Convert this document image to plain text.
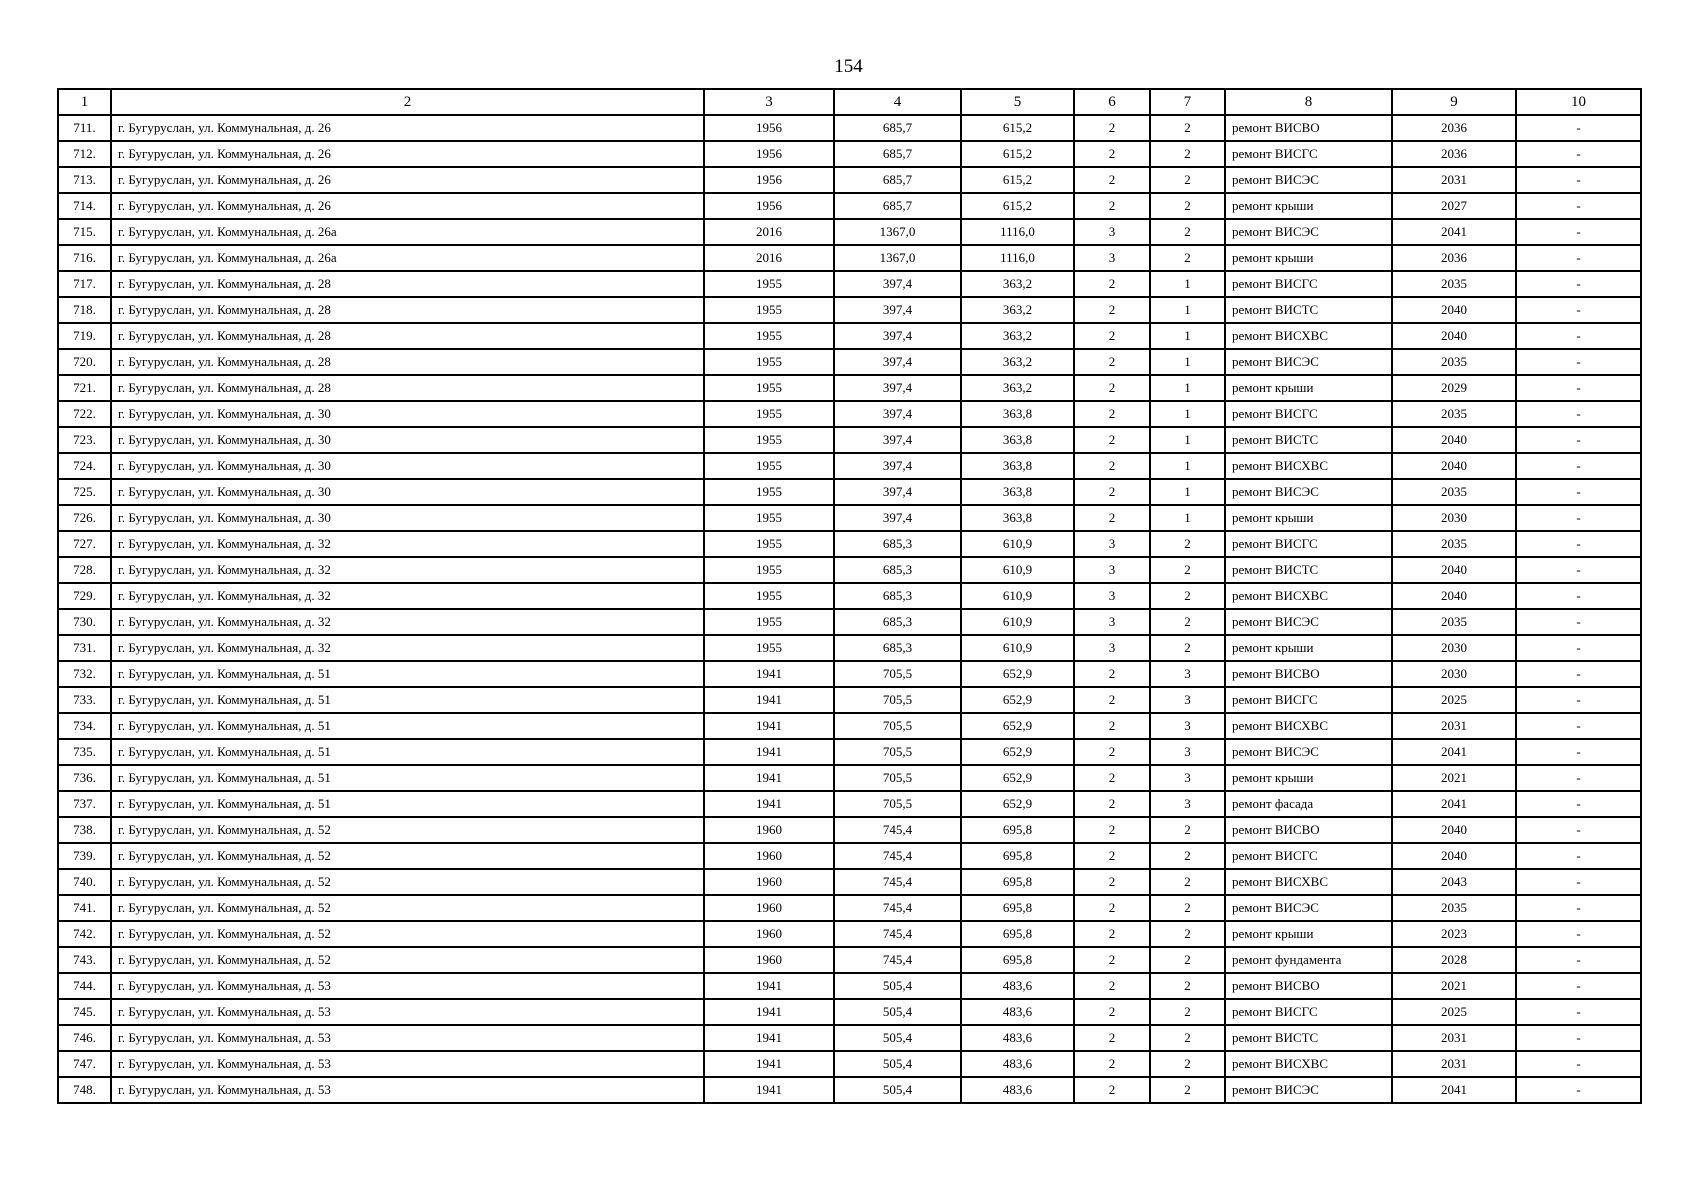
154
1	2	3	4	5	6	7	8	9	10
711.	г. Бугуруслан, ул. Коммунальная, д. 26	1956	685,7	615,2	2	2	ремонт ВИСВО	2036	-
712.	г. Бугуруслан, ул. Коммунальная, д. 26	1956	685,7	615,2	2	2	ремонт ВИСГС	2036	-
713.	г. Бугуруслан, ул. Коммунальная, д. 26	1956	685,7	615,2	2	2	ремонт ВИСЭС	2031	-
714.	г. Бугуруслан, ул. Коммунальная, д. 26	1956	685,7	615,2	2	2	ремонт крыши	2027	-
715.	г. Бугуруслан, ул. Коммунальная, д. 26а	2016	1367,0	1116,0	3	2	ремонт ВИСЭС	2041	-
716.	г. Бугуруслан, ул. Коммунальная, д. 26а	2016	1367,0	1116,0	3	2	ремонт крыши	2036	-
717.	г. Бугуруслан, ул. Коммунальная, д. 28	1955	397,4	363,2	2	1	ремонт ВИСГС	2035	-
718.	г. Бугуруслан, ул. Коммунальная, д. 28	1955	397,4	363,2	2	1	ремонт ВИСТС	2040	-
719.	г. Бугуруслан, ул. Коммунальная, д. 28	1955	397,4	363,2	2	1	ремонт ВИСХВС	2040	-
720.	г. Бугуруслан, ул. Коммунальная, д. 28	1955	397,4	363,2	2	1	ремонт ВИСЭС	2035	-
721.	г. Бугуруслан, ул. Коммунальная, д. 28	1955	397,4	363,2	2	1	ремонт крыши	2029	-
722.	г. Бугуруслан, ул. Коммунальная, д. 30	1955	397,4	363,8	2	1	ремонт ВИСГС	2035	-
723.	г. Бугуруслан, ул. Коммунальная, д. 30	1955	397,4	363,8	2	1	ремонт ВИСТС	2040	-
724.	г. Бугуруслан, ул. Коммунальная, д. 30	1955	397,4	363,8	2	1	ремонт ВИСХВС	2040	-
725.	г. Бугуруслан, ул. Коммунальная, д. 30	1955	397,4	363,8	2	1	ремонт ВИСЭС	2035	-
726.	г. Бугуруслан, ул. Коммунальная, д. 30	1955	397,4	363,8	2	1	ремонт крыши	2030	-
727.	г. Бугуруслан, ул. Коммунальная, д. 32	1955	685,3	610,9	3	2	ремонт ВИСГС	2035	-
728.	г. Бугуруслан, ул. Коммунальная, д. 32	1955	685,3	610,9	3	2	ремонт ВИСТС	2040	-
729.	г. Бугуруслан, ул. Коммунальная, д. 32	1955	685,3	610,9	3	2	ремонт ВИСХВС	2040	-
730.	г. Бугуруслан, ул. Коммунальная, д. 32	1955	685,3	610,9	3	2	ремонт ВИСЭС	2035	-
731.	г. Бугуруслан, ул. Коммунальная, д. 32	1955	685,3	610,9	3	2	ремонт крыши	2030	-
732.	г. Бугуруслан, ул. Коммунальная, д. 51	1941	705,5	652,9	2	3	ремонт ВИСВО	2030	-
733.	г. Бугуруслан, ул. Коммунальная, д. 51	1941	705,5	652,9	2	3	ремонт ВИСГС	2025	-
734.	г. Бугуруслан, ул. Коммунальная, д. 51	1941	705,5	652,9	2	3	ремонт ВИСХВС	2031	-
735.	г. Бугуруслан, ул. Коммунальная, д. 51	1941	705,5	652,9	2	3	ремонт ВИСЭС	2041	-
736.	г. Бугуруслан, ул. Коммунальная, д. 51	1941	705,5	652,9	2	3	ремонт крыши	2021	-
737.	г. Бугуруслан, ул. Коммунальная, д. 51	1941	705,5	652,9	2	3	ремонт фасада	2041	-
738.	г. Бугуруслан, ул. Коммунальная, д. 52	1960	745,4	695,8	2	2	ремонт ВИСВО	2040	-
739.	г. Бугуруслан, ул. Коммунальная, д. 52	1960	745,4	695,8	2	2	ремонт ВИСГС	2040	-
740.	г. Бугуруслан, ул. Коммунальная, д. 52	1960	745,4	695,8	2	2	ремонт ВИСХВС	2043	-
741.	г. Бугуруслан, ул. Коммунальная, д. 52	1960	745,4	695,8	2	2	ремонт ВИСЭС	2035	-
742.	г. Бугуруслан, ул. Коммунальная, д. 52	1960	745,4	695,8	2	2	ремонт крыши	2023	-
743.	г. Бугуруслан, ул. Коммунальная, д. 52	1960	745,4	695,8	2	2	ремонт фундамента	2028	-
744.	г. Бугуруслан, ул. Коммунальная, д. 53	1941	505,4	483,6	2	2	ремонт ВИСВО	2021	-
745.	г. Бугуруслан, ул. Коммунальная, д. 53	1941	505,4	483,6	2	2	ремонт ВИСГС	2025	-
746.	г. Бугуруслан, ул. Коммунальная, д. 53	1941	505,4	483,6	2	2	ремонт ВИСТС	2031	-
747.	г. Бугуруслан, ул. Коммунальная, д. 53	1941	505,4	483,6	2	2	ремонт ВИСХВС	2031	-
748.	г. Бугуруслан, ул. Коммунальная, д. 53	1941	505,4	483,6	2	2	ремонт ВИСЭС	2041	-
